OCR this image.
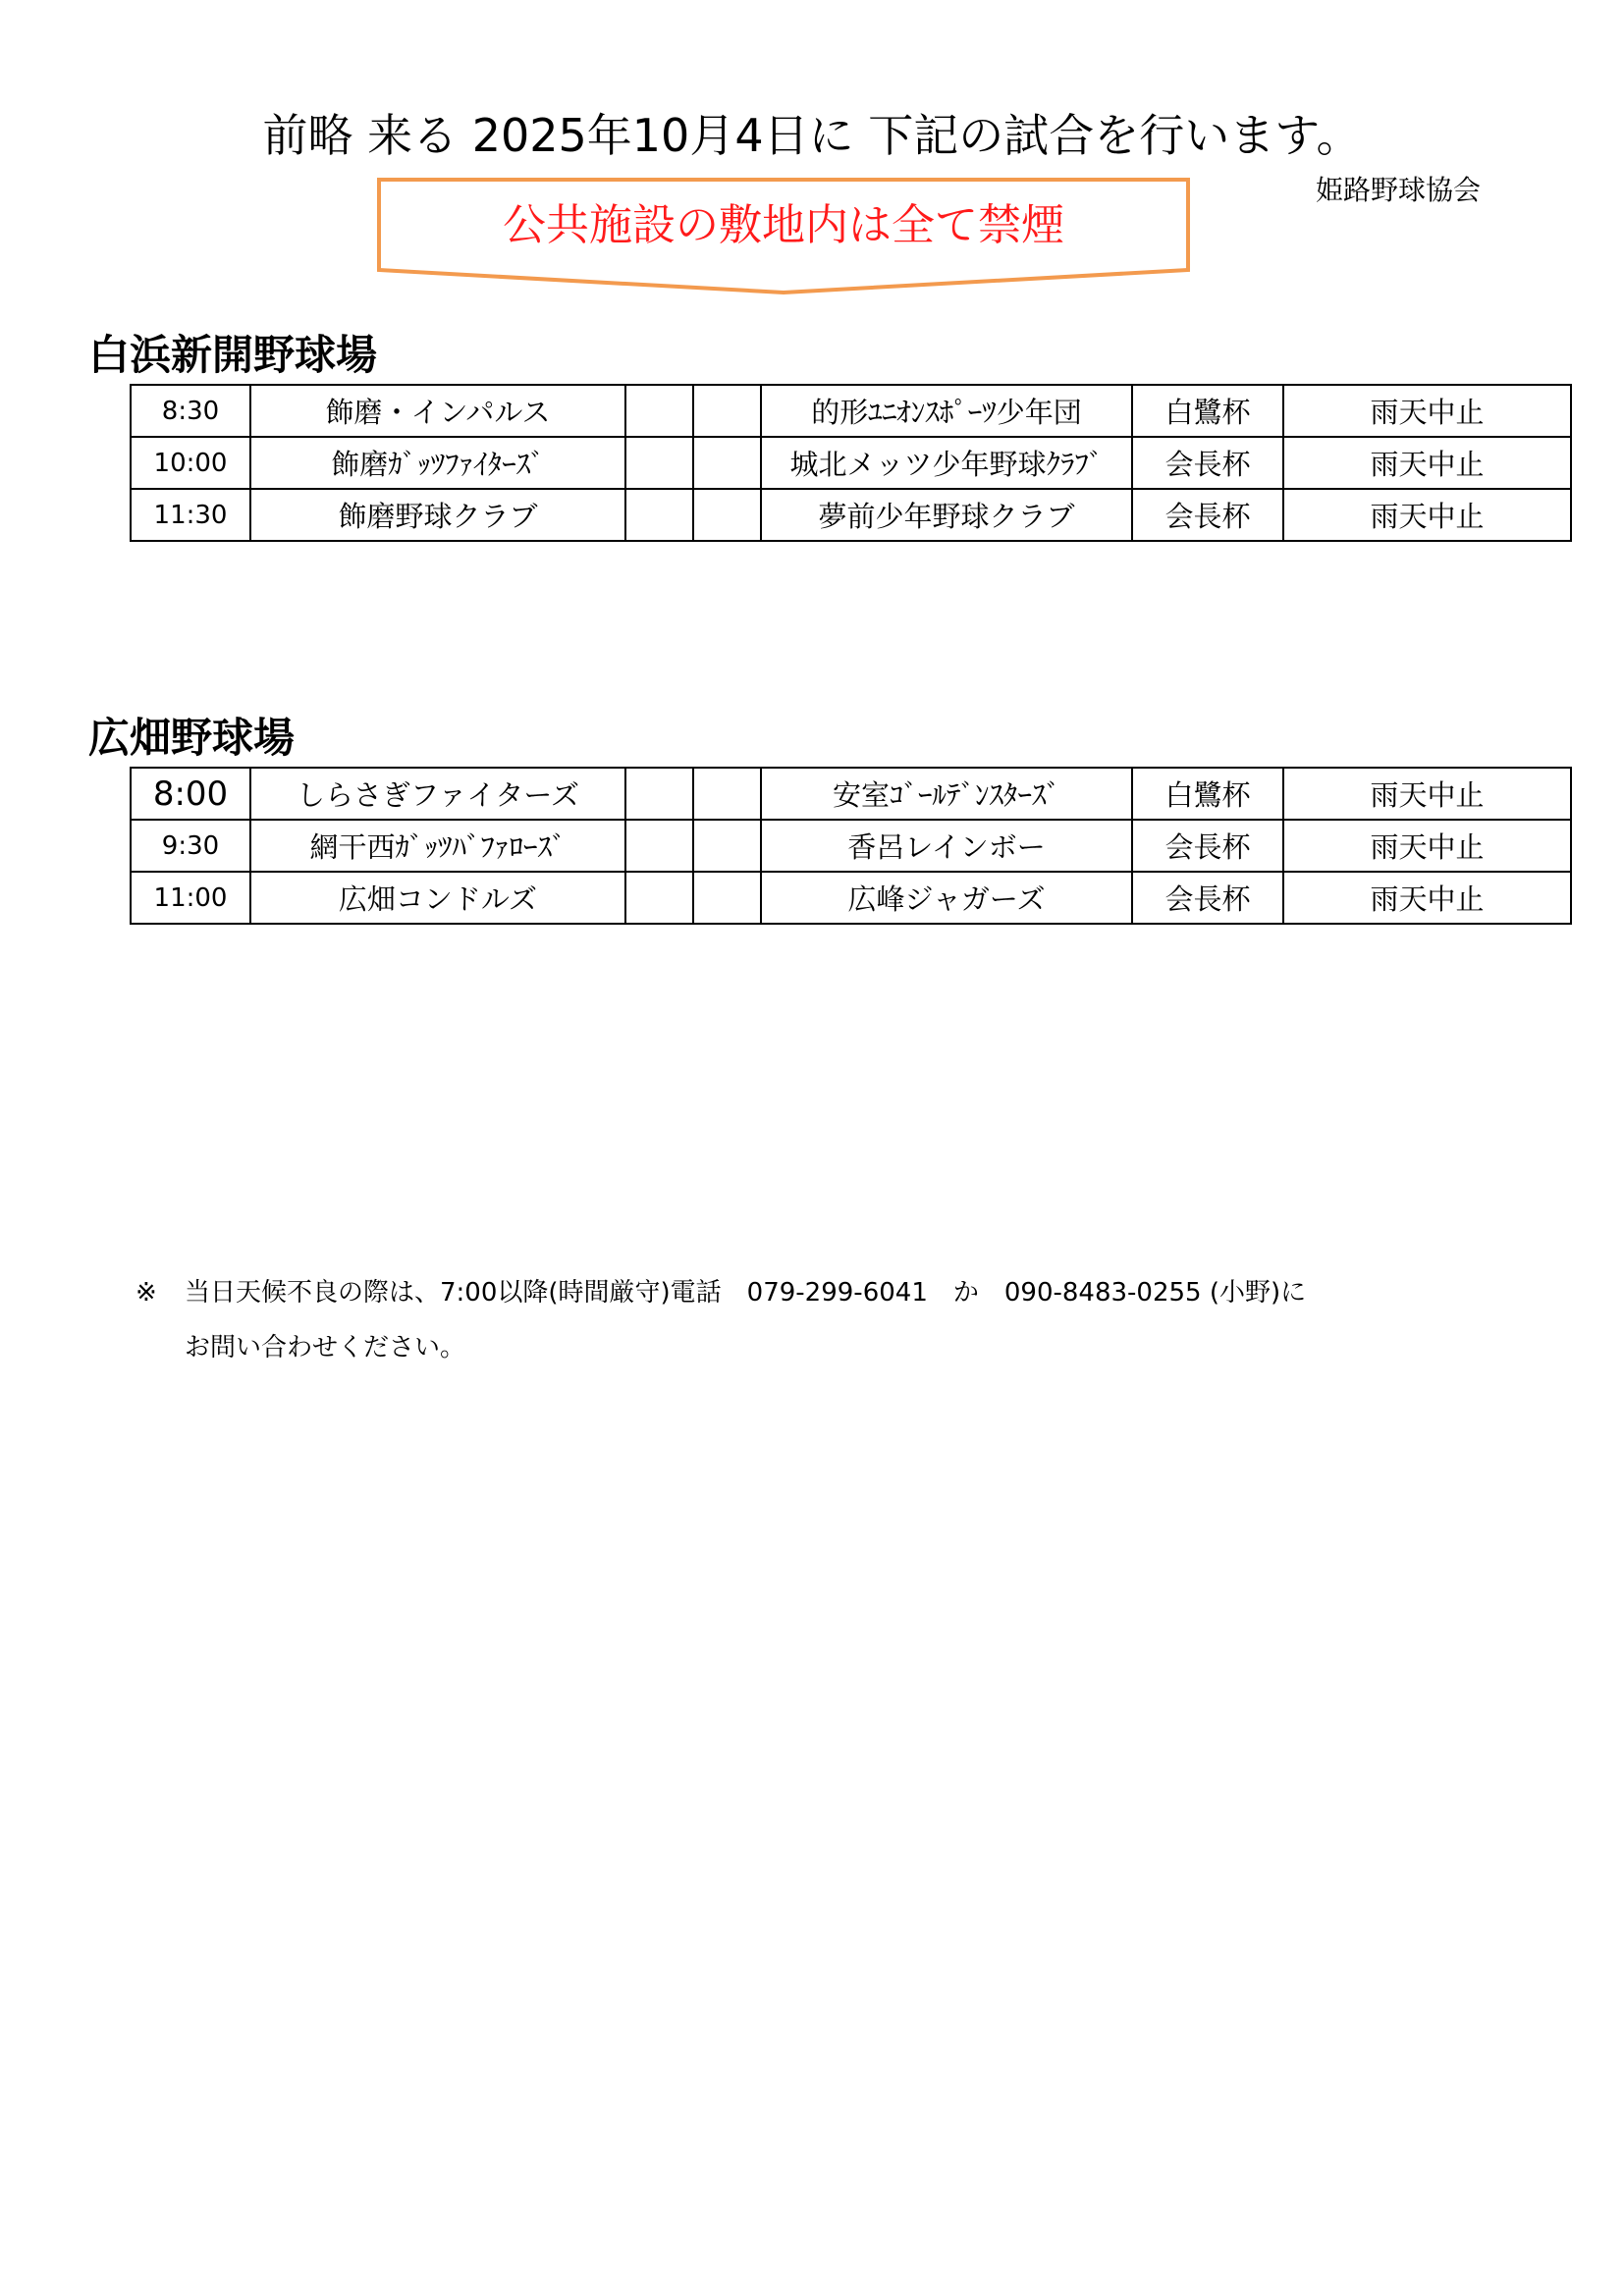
前略 来る 2025年10月4日に 下記の試合を行います。
姫路野球協会
公共施設の敷地内は全て禁煙
白浜新開野球場
8:30	飾磨・インパルス			的形ﾕﾆｵﾝｽﾎﾟｰﾂ少年団	白鷺杯	雨天中止
10:00	飾磨ｶﾞｯﾂﾌｧｲﾀｰｽﾞ			城北メッツ少年野球ｸﾗﾌﾞ	会長杯	雨天中止
11:30	飾磨野球クラブ			夢前少年野球クラブ	会長杯	雨天中止
広畑野球場
8:00	しらさぎファイターズ			安室ｺﾞｰﾙﾃﾞﾝｽﾀｰｽﾞ	白鷺杯	雨天中止
9:30	網干西ｶﾞｯﾂﾊﾞﾌｧﾛｰｽﾞ			香呂レインボー	会長杯	雨天中止
11:00	広畑コンドルズ			広峰ジャガーズ	会長杯	雨天中止
※ 当日天候不良の際は、7:00以降(時間厳守)電話　079-299-6041　か　090-8483-0255 (小野)に
お問い合わせください。
